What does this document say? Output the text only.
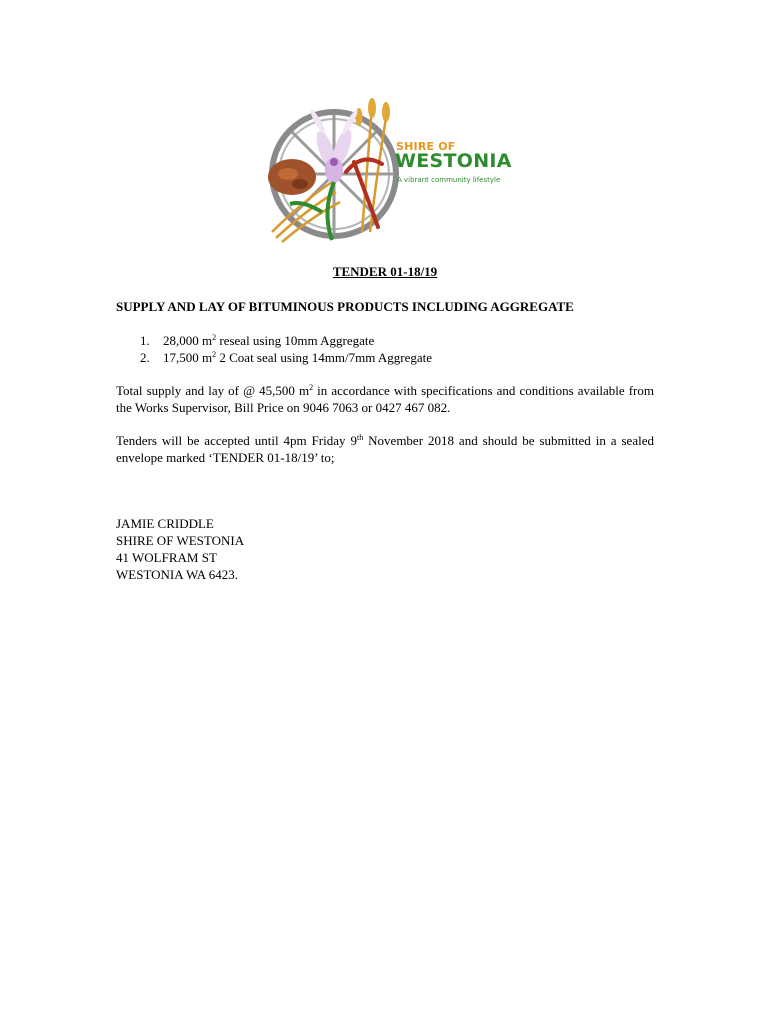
SHIRE OF
WESTONIA
A vibrant community lifestyle
TENDER 01-18/19
SUPPLY AND LAY OF BITUMINOUS PRODUCTS INCLUDING AGGREGATE
1. 28,000 $m^2$ reseal using 10mm Aggregate
2. 17,500 $m^2$ 2 Coat seal using 14mm/7mm Aggregate
Total supply and lay of @ 45,500 $m^2$ in accordance with specifications and conditions available from the Works Supervisor, Bill Price on 9046 7063 or 0427 467 082.
Tenders will be accepted until 4pm Friday 9th November 2018 and should be submitted in a sealed envelope marked ‘TENDER 01-18/19’ to;
JAMIE CRIDDLE
SHIRE OF WESTONIA
41 WOLFRAM ST
WESTONIA WA 6423.
